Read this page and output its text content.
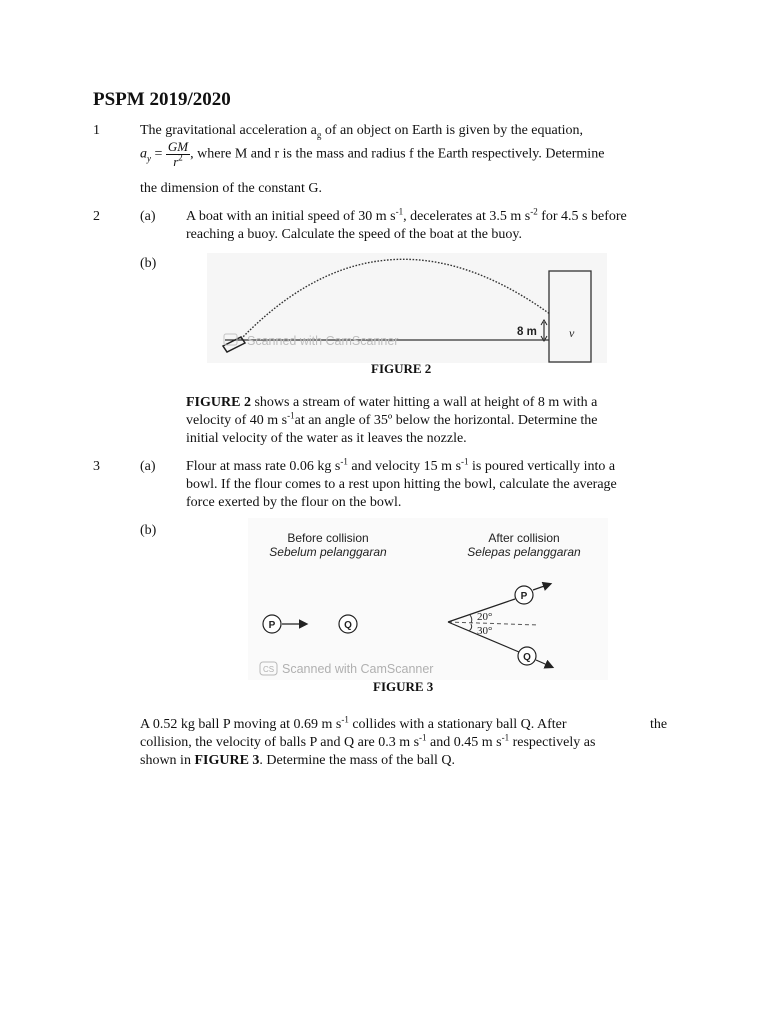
PSPM 2019/2020
1	The gravitational acceleration $a_g$ of an object on Earth is given by the equation,
$a_y = \frac{GM}{r^2}$ , where M and r is the mass and radius f the Earth respectively. Determine
the dimension of the constant G.
2	(a) A boat with an initial speed of 30 m $s^{-1}$, decelerates at 3.5 m $s^{-2}$ for 4.5 s before
reaching a buoy. Calculate the speed of the boat at the buoy.
(b)
8 m	v
Scanned with CamScanner
FIGURE 2
FIGURE 2 shows a stream of water hitting a wall at height of 8 m with a
velocity of 40 m $s^{-1}at$ an angle of 35º below the horizontal. Determine the
initial velocity of the water as it leaves the nozzle.
3	(a) Flour at mass rate 0.06 kg $s^{-1}$ and velocity 15 m $s^{-1}$ is poured vertically into a
bowl. If the flour comes to a rest upon hitting the bowl, calculate the average
force exerted by the flour on the bowl.
(b)	Before collision
Sebelum pelanggaran
After collision
Selepas pelanggaran
P	Q
P
Q
20°
30°
CS Scanned with CamScanner
FIGURE 3
A 0.52 kg ball P moving at 0.69 m $s^{-1}$ collides with a stationary ball Q. After	the
collision, the velocity of balls P and Q are 0.3 m $s^{-1}$ and 0.45 m $s^{-1}$ respectively as
shown in FIGURE 3. Determine the mass of the ball Q.
